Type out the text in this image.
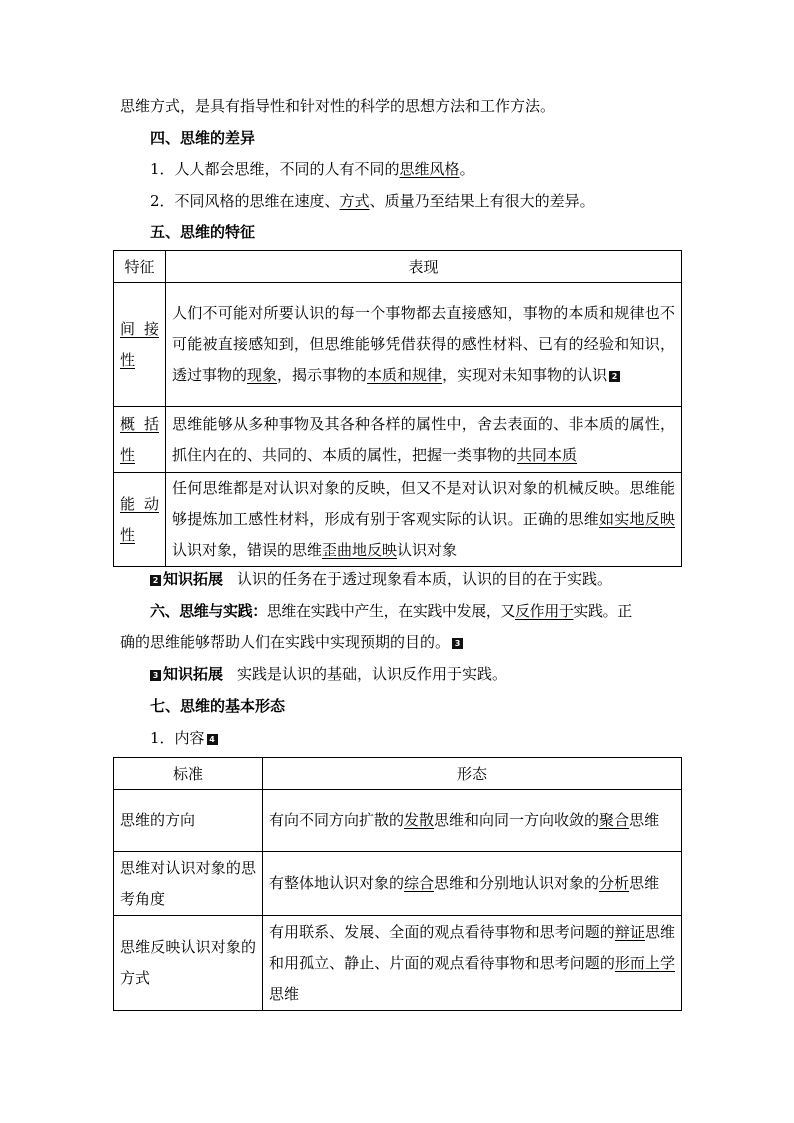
思维方式，是具有指导性和针对性的科学的思想方法和工作方法。
四、思维的差异
1．人人都会思维，不同的人有不同的思维风格。
2．不同风格的思维在速度、方式、质量乃至结果上有很大的差异。
五、思维的特征
特征	表现
间接性	人们不可能对所要认识的每一个事物都去直接感知，事物的本质和规律也不可能被直接感知到，但思维能够凭借获得的感性材料、已有的经验和知识，透过事物的现象，揭示事物的本质和规律，实现对未知事物的认识 2
概括性	思维能够从多种事物及其各种各样的属性中，舍去表面的、非本质的属性，抓住内在的、共同的、本质的属性，把握一类事物的共同本质
能动性	任何思维都是对认识对象的反映，但又不是对认识对象的机械反映。思维能够提炼加工感性材料，形成有别于客观实际的认识。正确的思维如实地反映认识对象，错误的思维歪曲地反映认识对象
2 知识拓展 认识的任务在于透过现象看本质，认识的目的在于实践。
六、思维与实践：思维在实践中产生，在实践中发展，又反作用于实践。正
确的思维能够帮助人们在实践中实现预期的目的。 3
3 知识拓展 实践是认识的基础，认识反作用于实践。
七、思维的基本形态
1．内容 4
标准	形态
思维的方向	有向不同方向扩散的发散思维和向同一方向收敛的聚合思维
思维对认识对象的思考角度	有整体地认识对象的综合思维和分别地认识对象的分析思维
思维反映认识对象的方式	有用联系、发展、全面的观点看待事物和思考问题的辩证思维和用孤立、静止、片面的观点看待事物和思考问题的形而上学思维
